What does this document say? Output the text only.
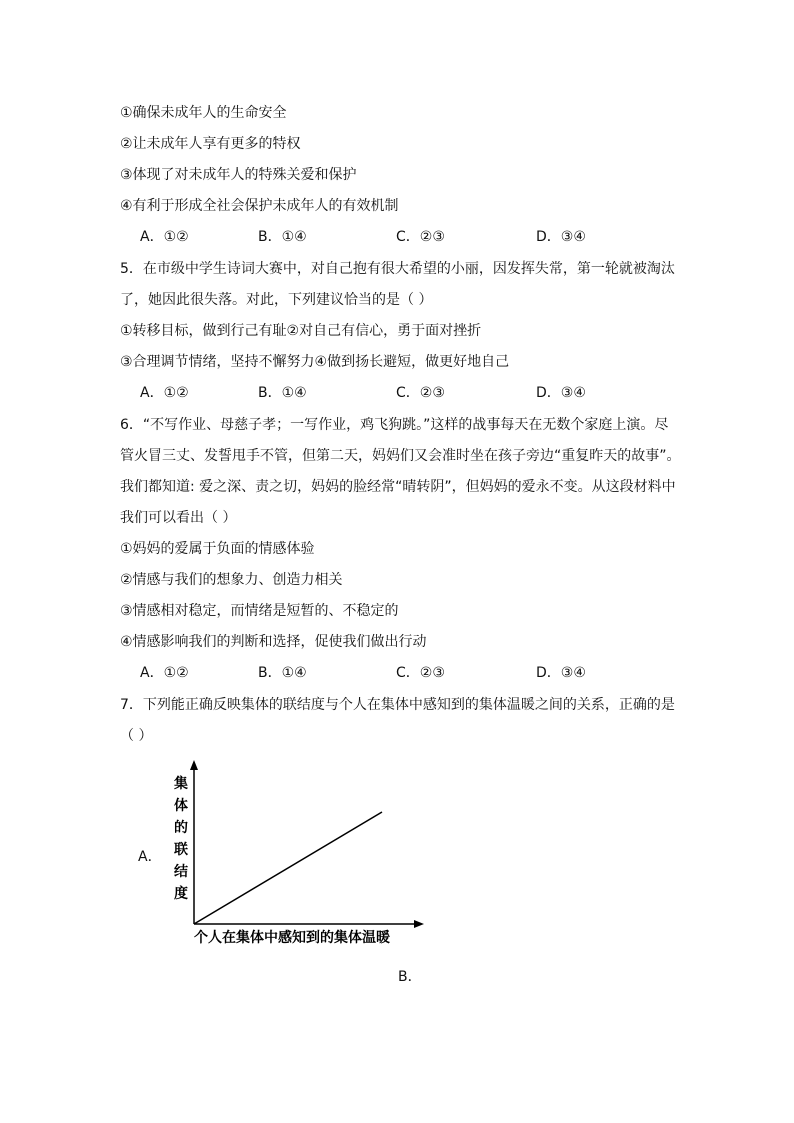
①确保未成年人的生命安全
②让未成年人享有更多的特权
③体现了对未成年人的特殊关爱和保护
④有利于形成全社会保护未成年人的有效机制
A．①②	B．①④	C．②③	D．③④
5．在市级中学生诗词大赛中，对自己抱有很大希望的小丽，因发挥失常，第一轮就被淘汰
了，她因此很失落。对此，下列建议恰当的是（ ）
①转移目标，做到行己有耻②对自己有信心，勇于面对挫折
③合理调节情绪，坚持不懈努力④做到扬长避短，做更好地自己
A．①②	B．①④	C．②③	D．③④
6．“不写作业、母慈子孝；一写作业，鸡飞狗跳。”这样的战事每天在无数个家庭上演。尽
管火冒三丈、发誓甩手不管，但第二天，妈妈们又会准时坐在孩子旁边“重复昨天的故事”。
我们都知道: 爱之深、责之切，妈妈的脸经常“晴转阴”，但妈妈的爱永不变。从这段材料中
我们可以看出（ ）
①妈妈的爱属于负面的情感体验
②情感与我们的想象力、创造力相关
③情感相对稳定，而情绪是短暂的、不稳定的
④情感影响我们的判断和选择，促使我们做出行动
A．①②	B．①④	C．②③	D．③④
7．下列能正确反映集体的联结度与个人在集体中感知到的集体温暖之间的关系，正确的是
（ ）
A．
集
体
的
联
结
度
个人在集体中感知到的集体温暖
B．
